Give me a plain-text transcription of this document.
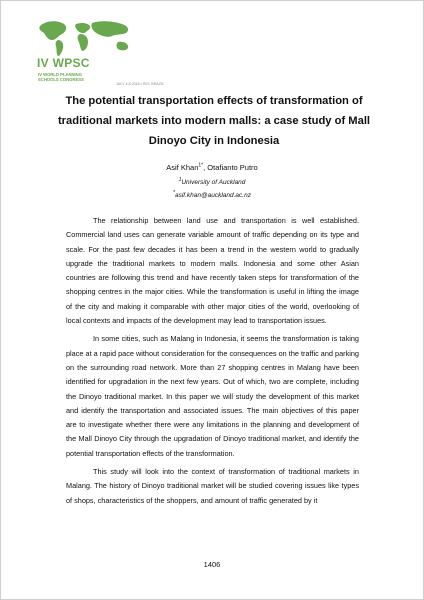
IV WPSC
IV WORLD PLANNING SCHOOLS CONGRESS
JULY 4-8 2016 ▪ RIO, BRAZIL
The potential transportation effects of transformation of traditional markets into modern malls: a case study of Mall Dinoyo City in Indonesia
Asif Khan$^{1*}$, Otafianto Putro
$^1$University of Auckland
*asif.khan@auckland.ac.nz

The relationship between land use and transportation is well established. Commercial land uses can generate variable amount of traffic depending on its type and scale. For the past few decades it has been a trend in the western world to gradually upgrade the traditional markets to modern malls. Indonesia and some other Asian countries are following this trend and have recently taken steps for transformation of the shopping centres in the major cities. While the transformation is useful in lifting the image of the city and making it comparable with other major cities of the world, overlooking of local contexts and impacts of the development may lead to transportation issues.

In some cities, such as Malang in Indonesia, it seems the transformation is taking place at a rapid pace without consideration for the consequences on the traffic and parking on the surrounding road network. More than 27 shopping centres in Malang have been identified for upgradation in the next few years. Out of which, two are complete, including the Dinoyo traditional market. In this paper we will study the development of this market and identify the transportation and associated issues. The main objectives of this paper are to investigate whether there were any limitations in the planning and development of the Mall Dinoyo City through the upgradation of Dinoyo traditional market, and identify the potential transportation effects of the transformation.

This study will look into the context of transformation of traditional markets in Malang. The history of Dinoyo traditional market will be studied covering issues like types of shops, characteristics of the shoppers, and amount of traffic generated by it

1406
